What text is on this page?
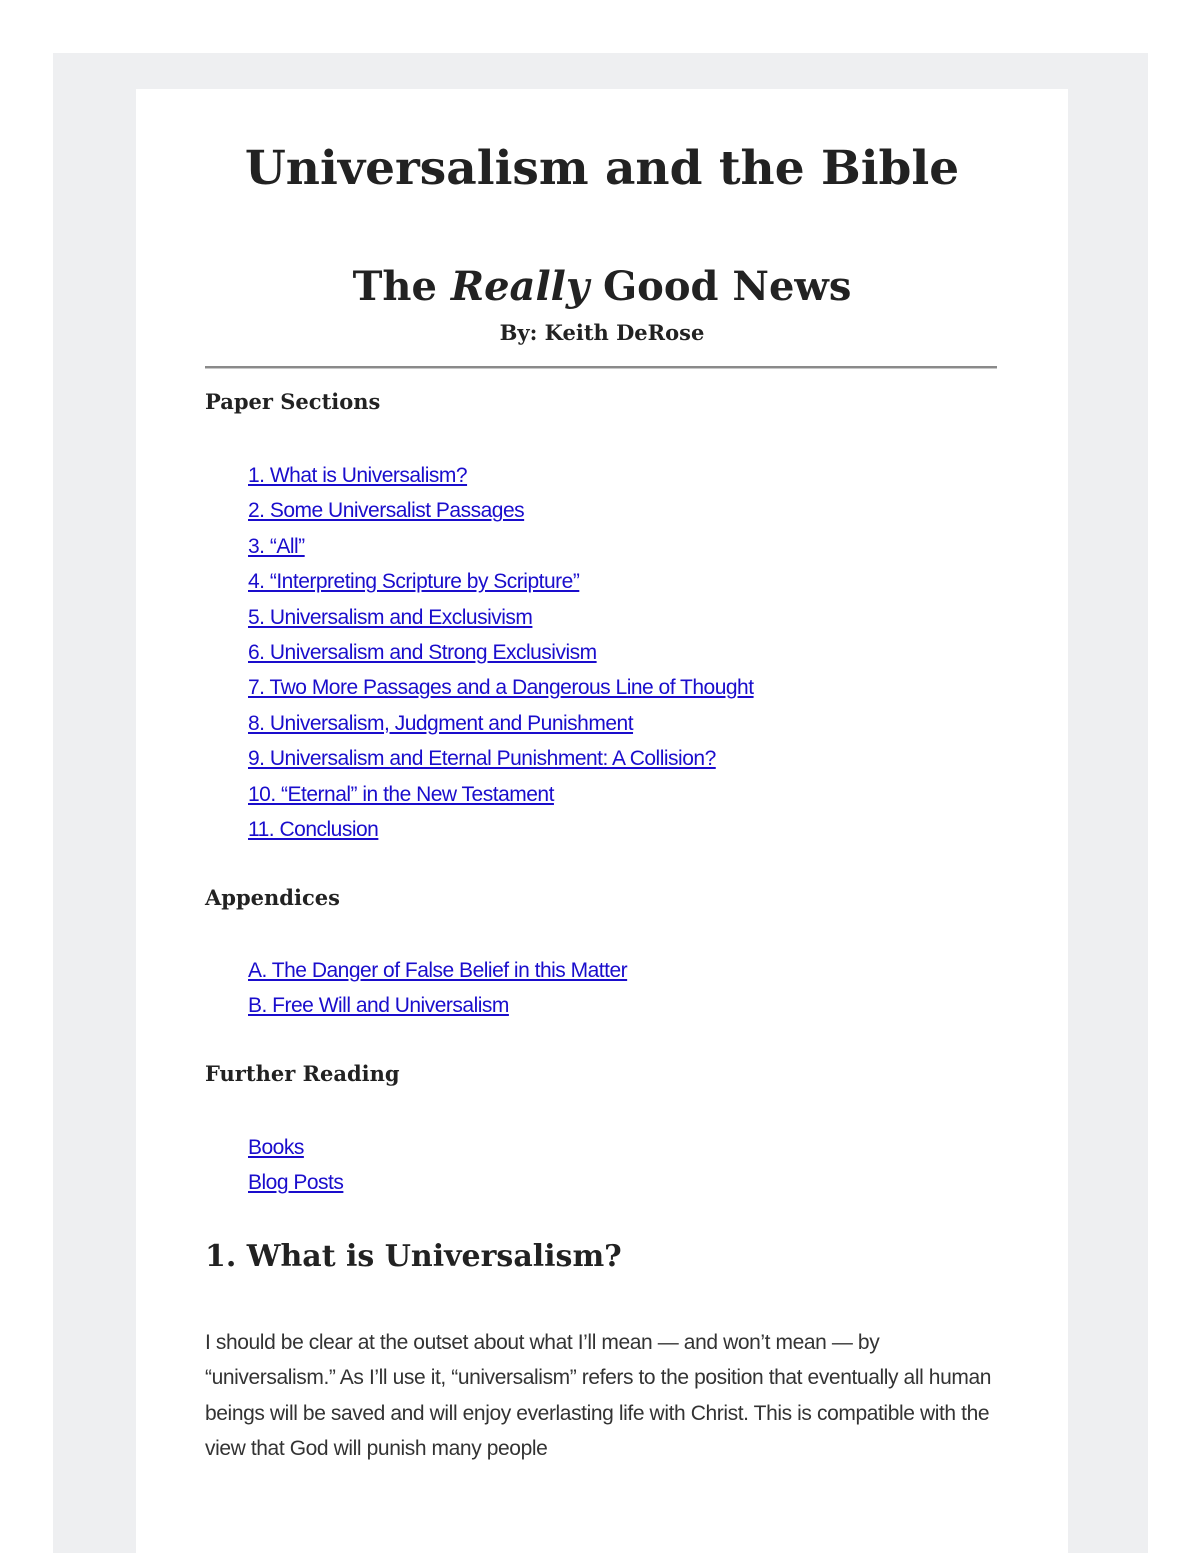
Universalism and the Bible
The Really Good News

By: Keith DeRose

Paper Sections
1. What is Universalism?
2. Some Universalist Passages
3. “All”
4. “Interpreting Scripture by Scripture”
5. Universalism and Exclusivism
6. Universalism and Strong Exclusivism
7. Two More Passages and a Dangerous Line of Thought
8. Universalism, Judgment and Punishment
9. Universalism and Eternal Punishment: A Collision?
10. “Eternal” in the New Testament
11. Conclusion
Appendices
A. The Danger of False Belief in this Matter
B. Free Will and Universalism
Further Reading
Books
Blog Posts
1. What is Universalism?

I should be clear at the outset about what I’ll mean — and won’t mean — by “universalism.” As I’ll use it, “universalism” refers to the position that eventually all human beings will be saved and will enjoy everlasting life with Christ. This is compatible with the view that God will punish many people
